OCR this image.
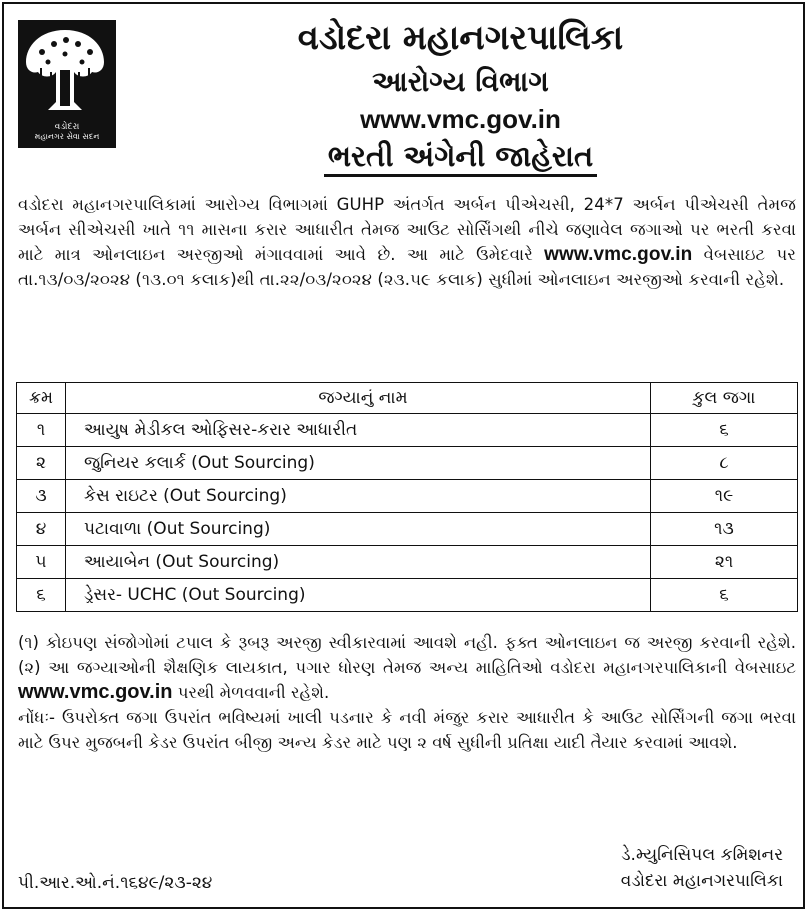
વડોદરા
મહાનગર સેવા સદન
વડોદરા મહાનગરપાલિકા
આરોગ્ય વિભાગ
www.vmc.gov.in
ભરતી અંગેની જાહેરાત
વડોદરા મહાનગરપાલિકામાં આરોગ્ય વિભાગમાં GUHP અંતર્ગત અર્બન પીએચસી, 24*7 અર્બન પીએચસી તેમજ અર્બન સીએચસી ખાતે ૧૧ માસના કરાર આધારીત તેમજ આઉટ સોર્સિંગથી નીચે જણાવેલ જગાઓ પર ભરતી કરવા માટે માત્ર ઓનલાઇન અરજીઓ મંગાવવામાં આવે છે. આ માટે ઉમેદવારે www.vmc.gov.in વેબસાઇટ પર તા.૧૩/૦૩/૨૦૨૪ (૧૩.૦૧ કલાક)થી તા.૨૨/૦૩/૨૦૨૪ (૨૩.૫૯ કલાક) સુધીમાં ઓનલાઇન અરજીઓ કરવાની રહેશે.
ક્રમ	જગ્યાનું નામ	કુલ જગા
૧	આયુષ મેડીકલ ઓફિસર-કરાર આધારીત	૬
૨	જુનિયર કલાર્ક (Out Sourcing)	૮
૩	કેસ રાઇટર (Out Sourcing)	૧૯
૪	પટાવાળા (Out Sourcing)	૧૩
૫	આયાબેન (Out Sourcing)	૨૧
૬	ડ્રેસર- UCHC (Out Sourcing)	૬
(૧) કોઇપણ સંજોગોમાં ટપાલ કે રૂબરૂ અરજી સ્વીકારવામાં આવશે નહી. ફક્ત ઓનલાઇન જ અરજી કરવાની રહેશે. (૨) આ જગ્યાઓની શૈક્ષણિક લાયકાત, પગાર ધોરણ તેમજ અન્ય માહિતિઓ વડોદરા મહાનગરપાલિકાની વેબસાઇટ www.vmc.gov.in પરથી મેળવવાની રહેશે.
નોંધઃ- ઉપરોક્ત જગા ઉપરાંત ભવિષ્યમાં ખાલી પડનાર કે નવી મંજુર કરાર આધારીત કે આઉટ સોર્સિંગની જગા ભરવા માટે ઉપર મુજબની કેડર ઉપરાંત બીજી અન્ય કેડર માટે પણ ૨ વર્ષ સુધીની પ્રતિક્ષા યાદી તૈયાર કરવામાં આવશે.
ડે.મ્યુનિસિપલ કમિશનર
વડોદરા મહાનગરપાલિકા
પી.આર.ઓ.નં.૧૬૪૯/૨૩-૨૪
